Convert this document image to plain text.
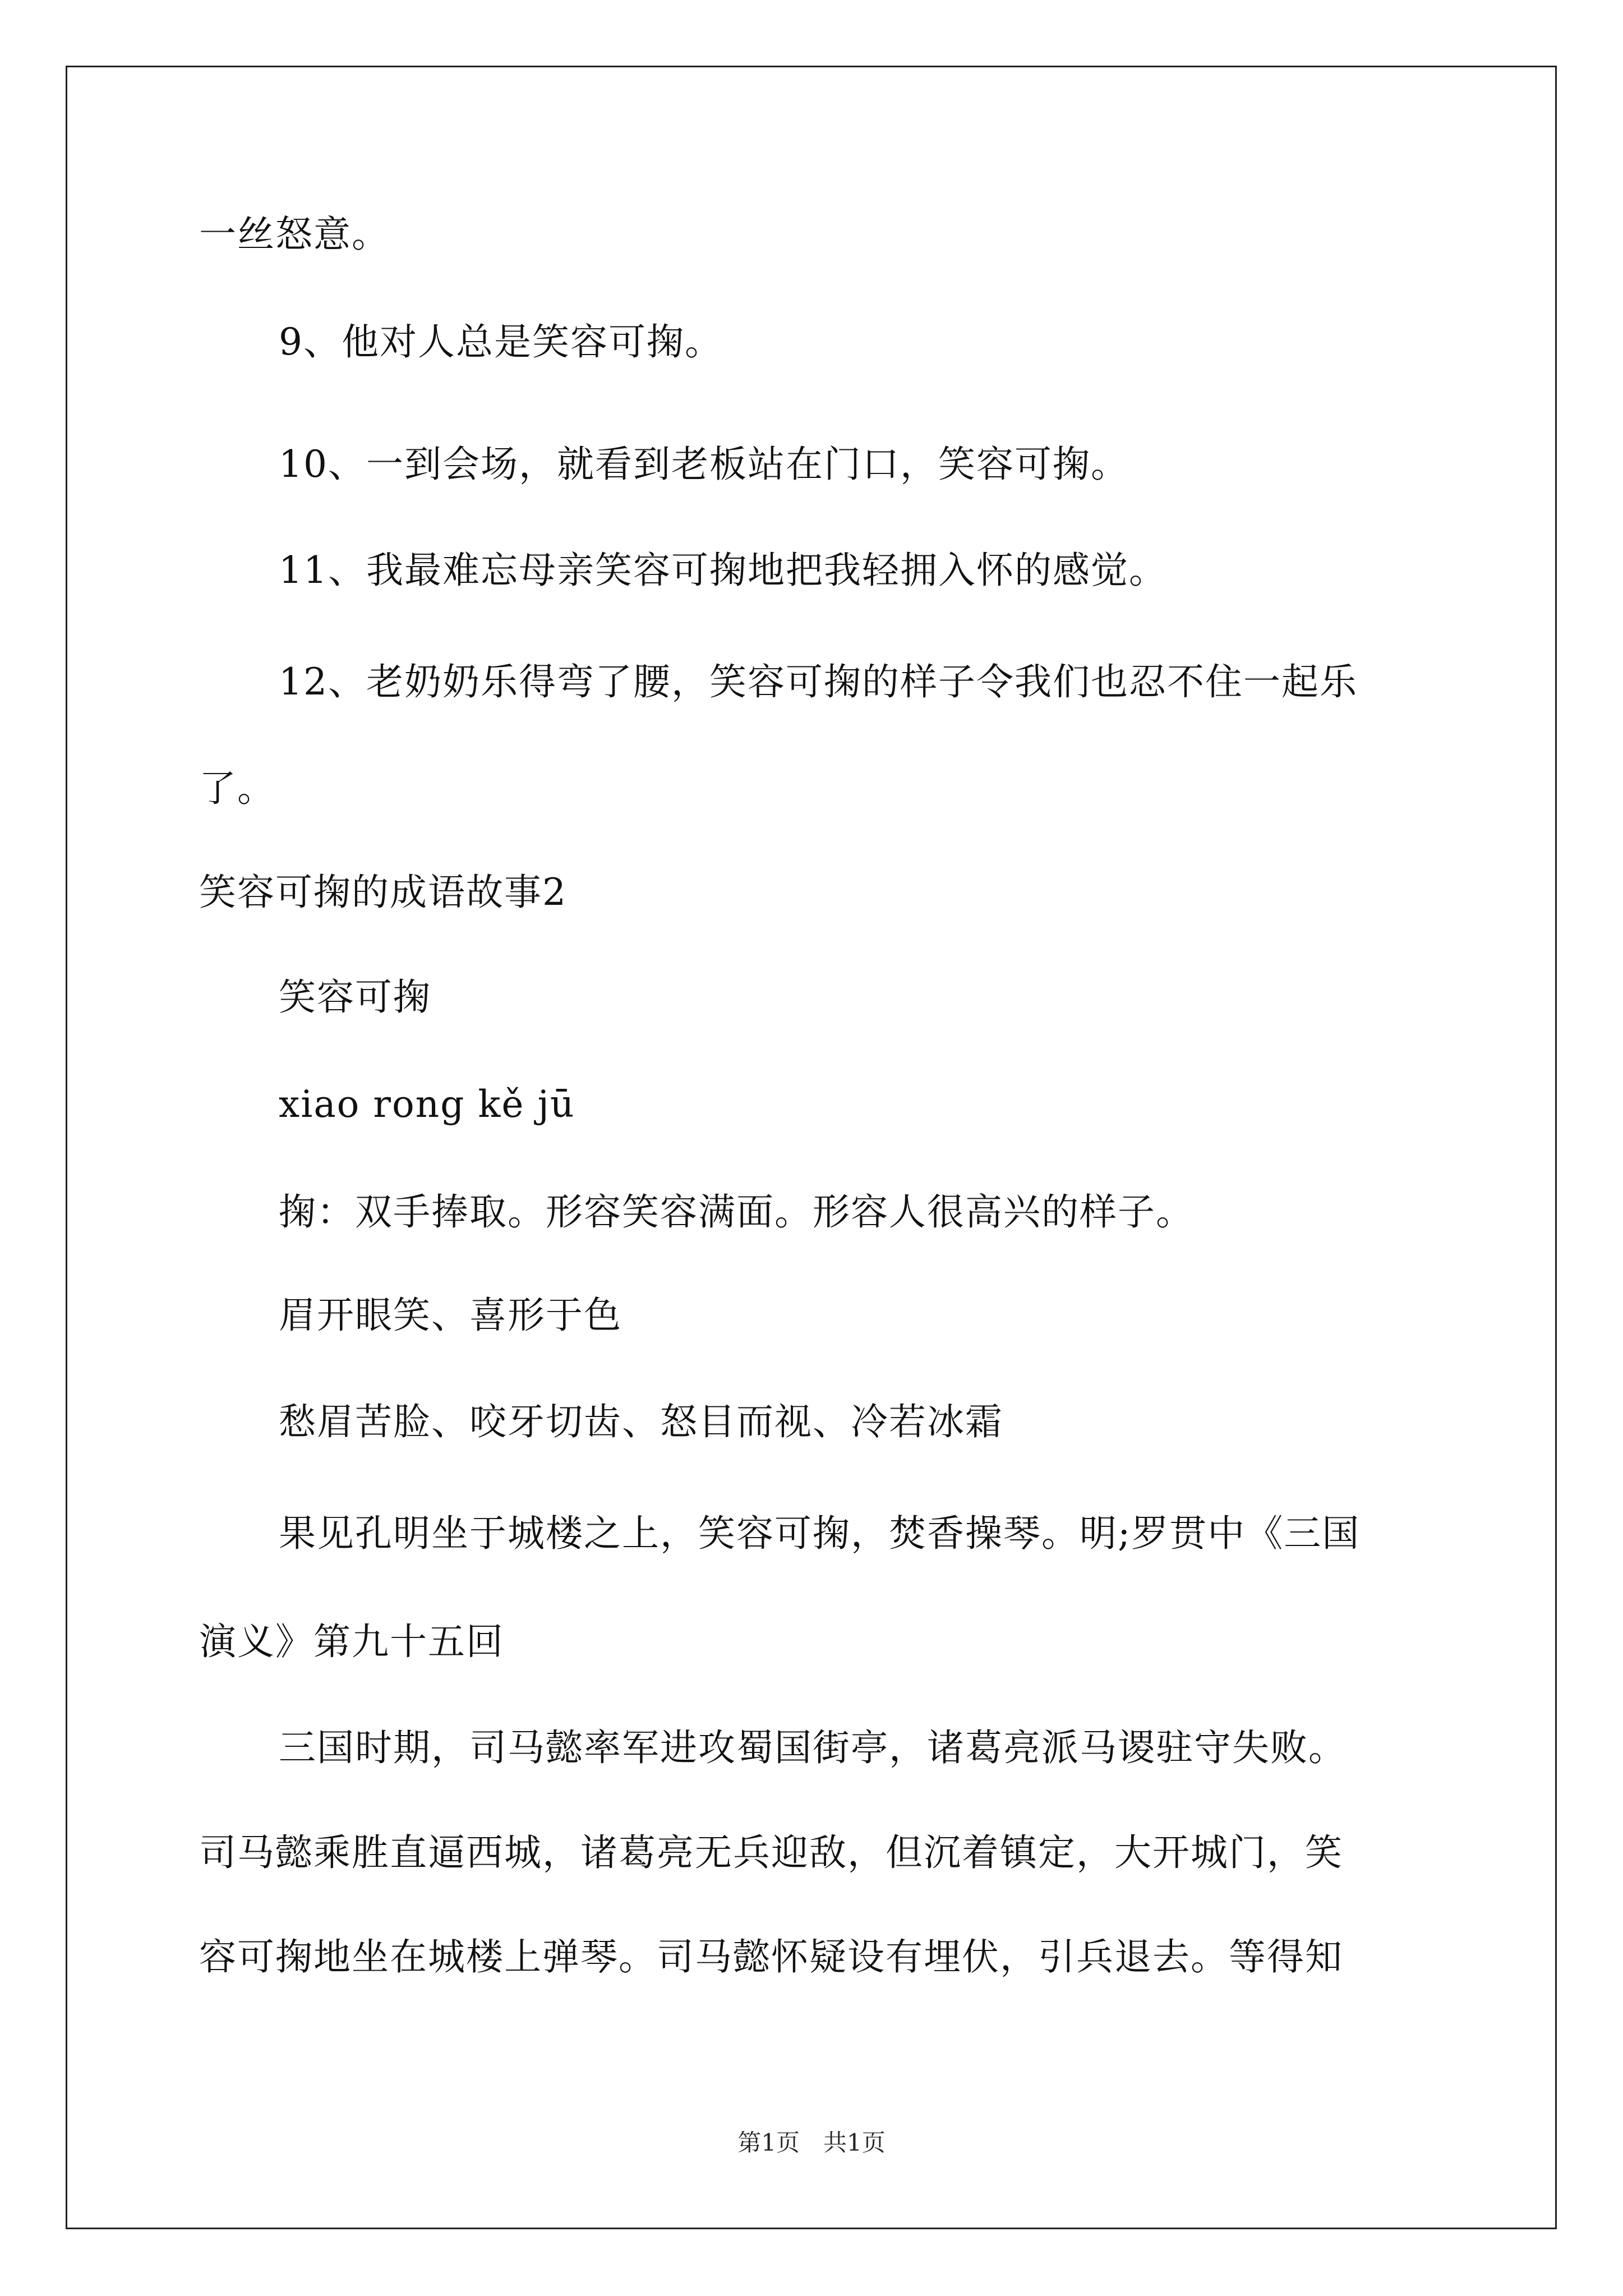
一丝怒意。
9、他对人总是笑容可掬。
10、一到会场，就看到老板站在门口，笑容可掬。
11、我最难忘母亲笑容可掬地把我轻拥入怀的感觉。
12、老奶奶乐得弯了腰，笑容可掬的样子令我们也忍不住一起乐
了。
笑容可掬的成语故事2
笑容可掬
xiao rong kě jū
掬：双手捧取。形容笑容满面。形容人很高兴的样子。
眉开眼笑、喜形于色
愁眉苦脸、咬牙切齿、怒目而视、冷若冰霜
果见孔明坐于城楼之上，笑容可掬，焚香操琴。明;罗贯中《三国
演义》第九十五回
三国时期，司马懿率军进攻蜀国街亭，诸葛亮派马谡驻守失败。
司马懿乘胜直逼西城，诸葛亮无兵迎敌，但沉着镇定，大开城门，笑
容可掬地坐在城楼上弹琴。司马懿怀疑设有埋伏，引兵退去。等得知
第1页 共1页
